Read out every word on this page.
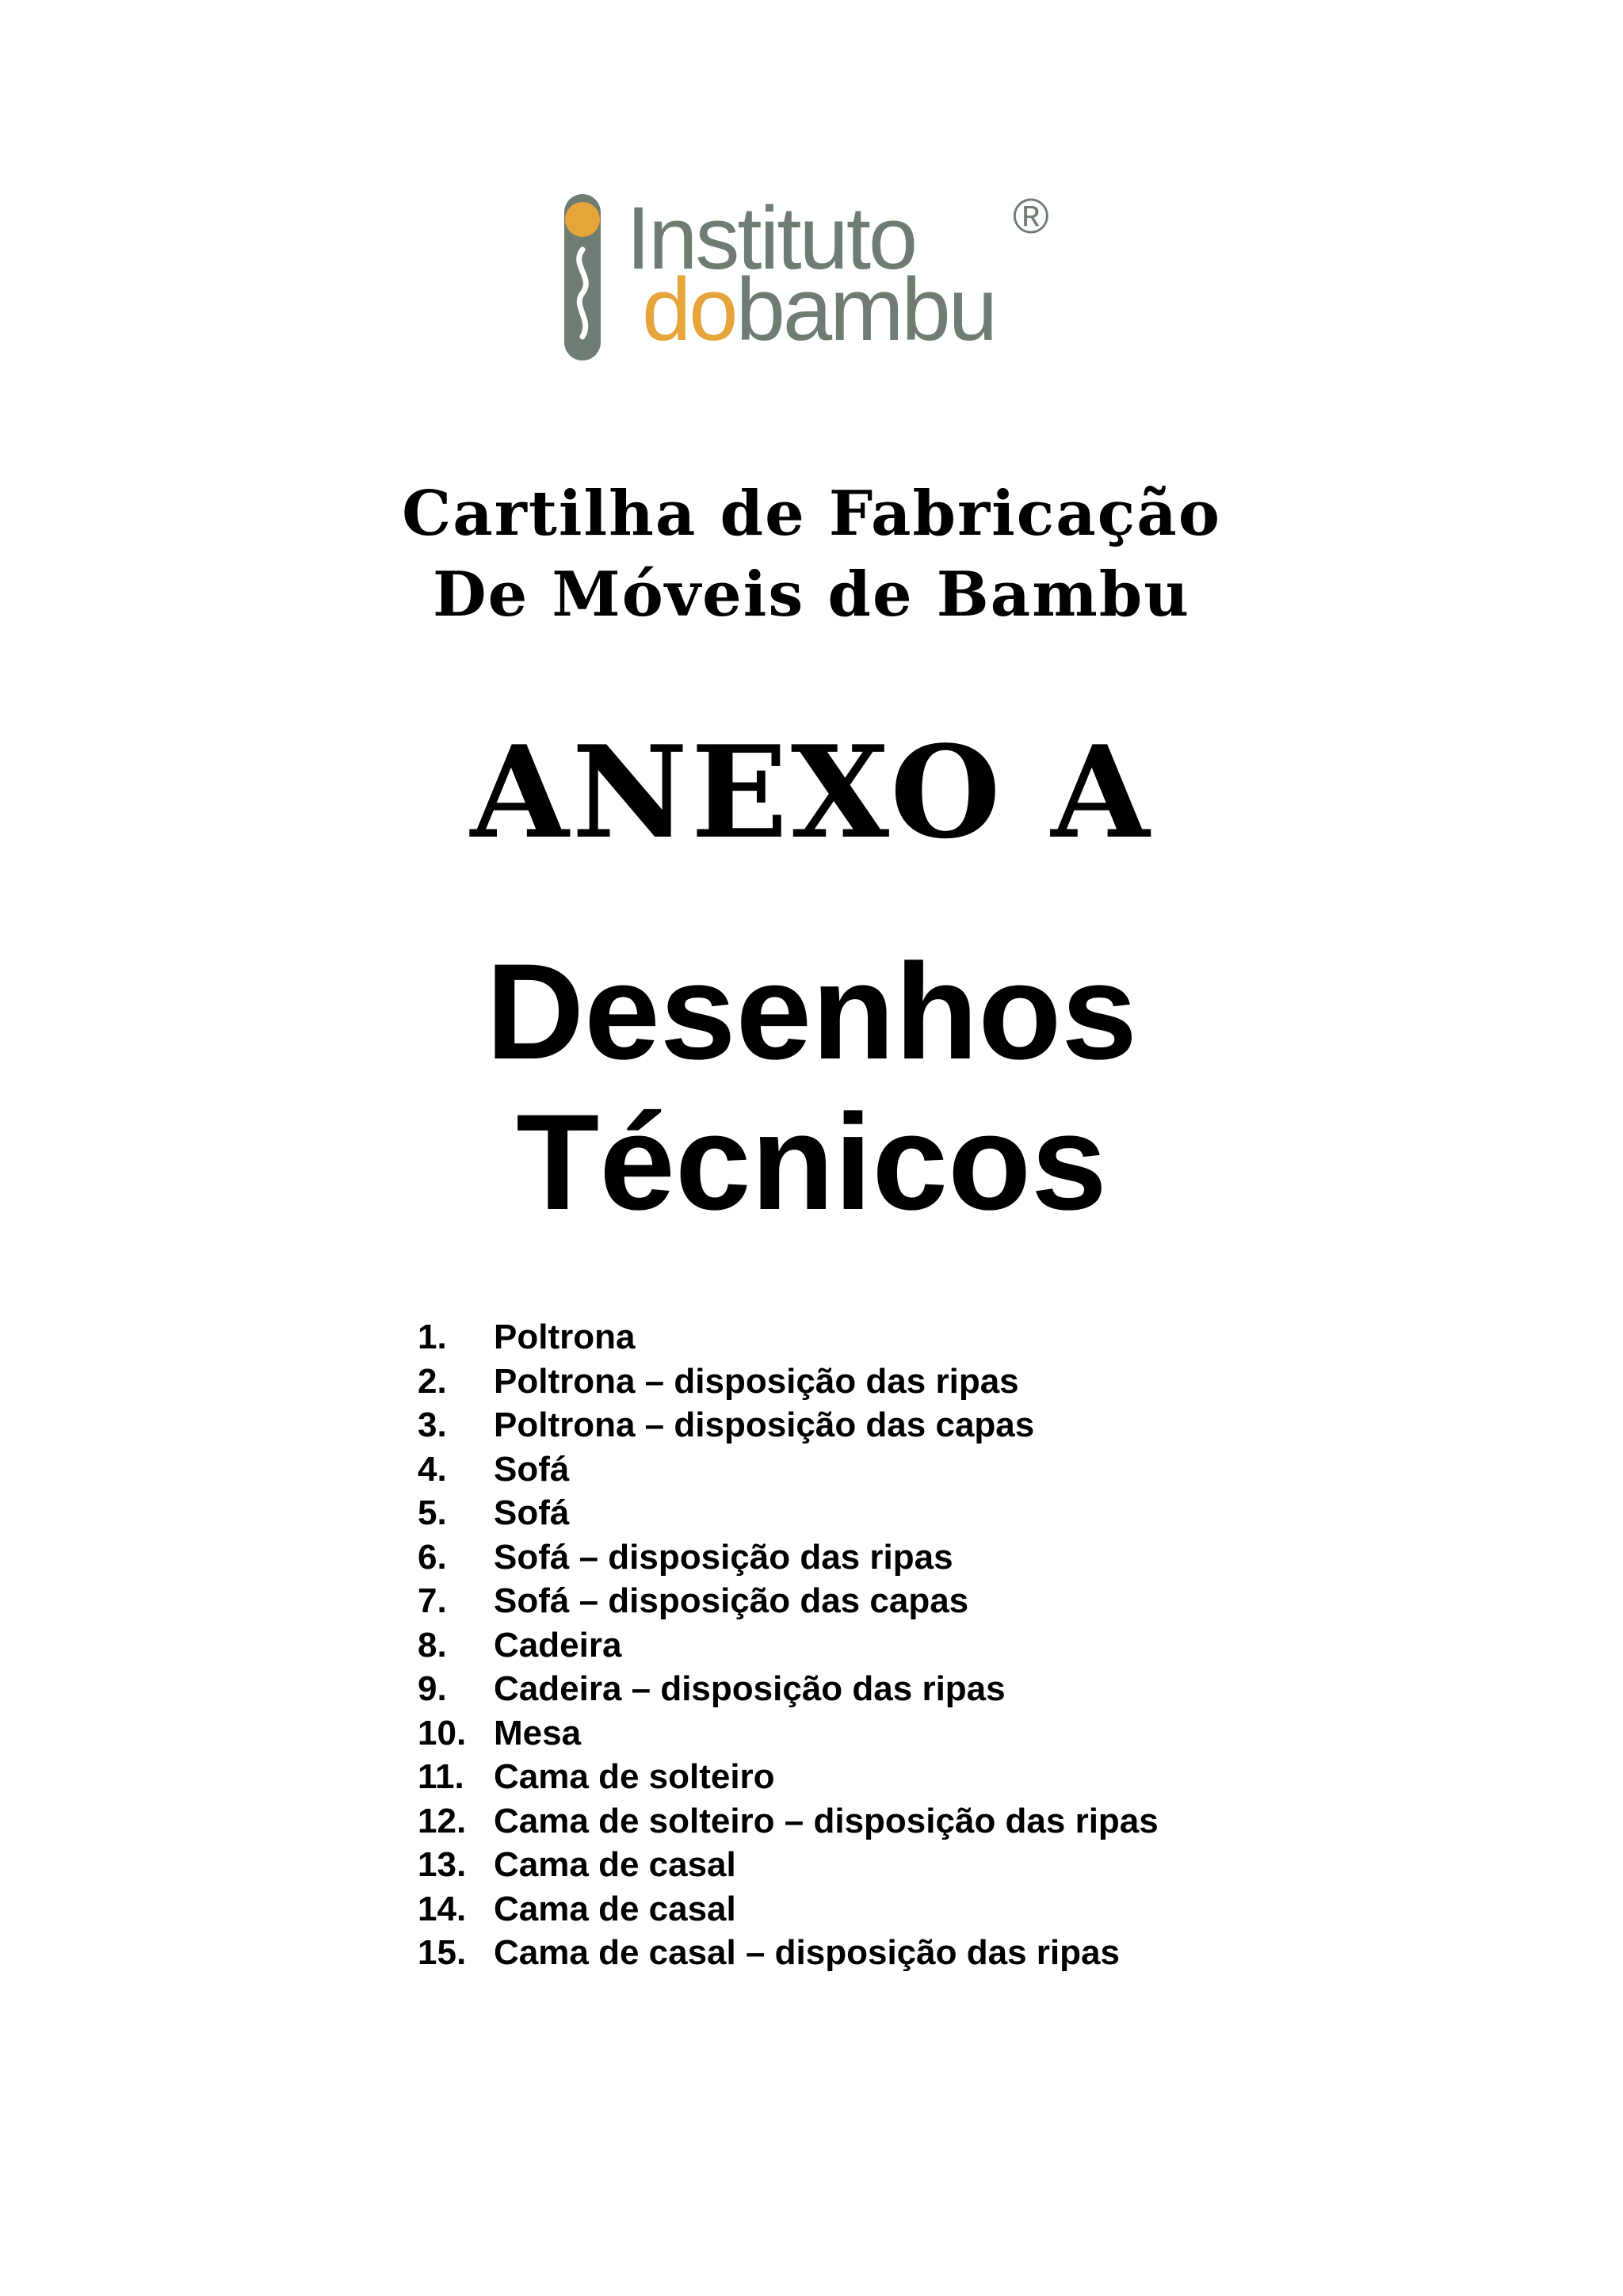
Instituto
dobambu
®
Cartilha de Fabricação
De Móveis de Bambu
ANEXO A
Desenhos
Técnicos
1.	Poltrona
2.	Poltrona – disposição das ripas
3.	Poltrona – disposição das capas
4.	Sofá
5.	Sofá
6.	Sofá – disposição das ripas
7.	Sofá – disposição das capas
8.	Cadeira
9.	Cadeira – disposição das ripas
10. Mesa
11. Cama de solteiro
12. Cama de solteiro – disposição das ripas
13. Cama de casal
14. Cama de casal
15. Cama de casal – disposição das ripas
